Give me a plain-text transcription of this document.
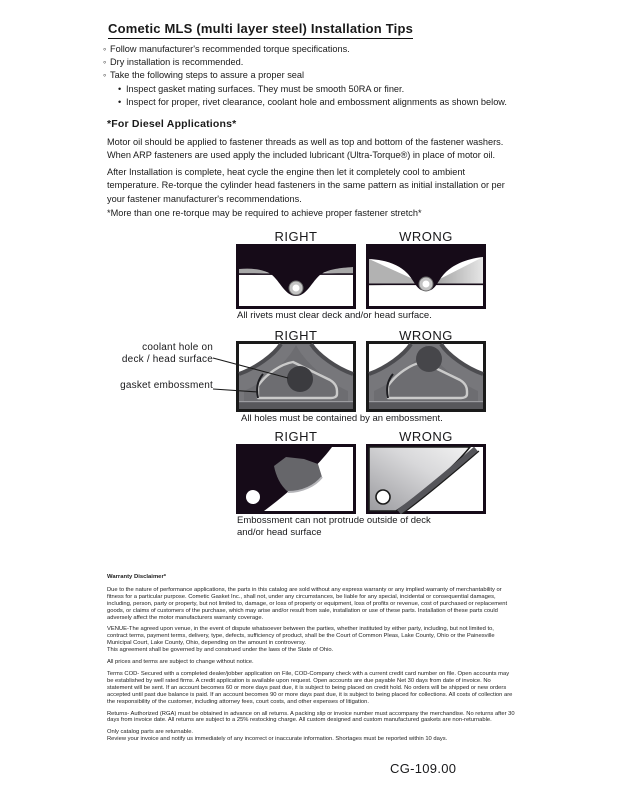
Cometic MLS (multi layer steel) Installation Tips
◦ Follow manufacturer's recommended torque specifications.
◦ Dry installation is recommended.
◦ Take the following steps to assure a proper seal
• Inspect gasket mating surfaces. They must be smooth 50RA or finer.
• Inspect for proper, rivet clearance, coolant hole and embossment alignments as shown below.
*For Diesel Applications*

Motor oil should be applied to fastener threads as well as top and bottom of the fastener washers. When ARP fasteners are used apply the included lubricant (Ultra-Torque®) in place of motor oil.

After Installation is complete, heat cycle the engine then let it completely cool to ambient temperature. Re-torque the cylinder head fasteners in the same pattern as initial installation or per your fastener manufacturer's recommendations.

*More than one re-torque may be required to achieve proper fastener stretch*

RIGHT	WRONG
All rivets must clear deck and/or head surface.
RIGHT	WRONG
coolant hole on deck / head surface
gasket embossment
All holes must be contained by an embossment.
RIGHT	WRONG
Embossment can not protrude outside of deck
and/or head surface
Warranty Disclaimer*

Due to the nature of performance applications, the parts in this catalog are sold without any express warranty or any implied warranty of merchantability or fitness for a particular purpose. Cometic Gasket Inc., shall not, under any circumstances, be liable for any special, incidental or consequential damages, including, person, party or property, but not limited to, damage, or loss of property or equipment, loss of profits or revenue, cost of purchased or replacement goods, or claims of customers of the purchase, which may arise and/or result from sale, installation or use of these parts. Installation of these parts could adversely affect the motor manufacturers warranty coverage.

VENUE-The agreed upon venue, in the event of dispute whatsoever between the parties, whether instituted by either party, including, but not limited to, contract terms, payment terms, delivery, type, defects, sufficiency of product, shall be the Court of Common Pleas, Lake County, Ohio or the Painesville Municipal Court, Lake County, Ohio, depending on the amount in controversy.

This agreement shall be governed by and construed under the laws of the State of Ohio.

All prices and terms are subject to change without notice.

Terms COD- Secured with a completed dealer/jobber application on File, COD-Company check with a current credit card number on file. Open accounts may be established by well rated firms. A credit application is available upon request. Open accounts are due payable Net 30 days from date of invoice. No statement will be sent. If an account becomes 60 or more days past due, it is subject to being placed on credit hold. No orders will be shipped or new orders accepted until past due balance is paid. If an account becomes 90 or more days past due, it is subject to being placed for collections. All costs of collection are the responsibility of the customer, including attorney fees, court costs, and other expenses of litigation.

Returns- Authorized (RGA) must be obtained in advance on all returns. A packing slip or invoice number must accompany the merchandise. No returns after 30 days from invoice date. All returns are subject to a 25% restocking charge. All custom designed and custom manufactured gaskets are non-returnable.

Only catalog parts are returnable.

Review your invoice and notify us immediately of any incorrect or inaccurate information. Shortages must be reported within 10 days.

CG-109.00
